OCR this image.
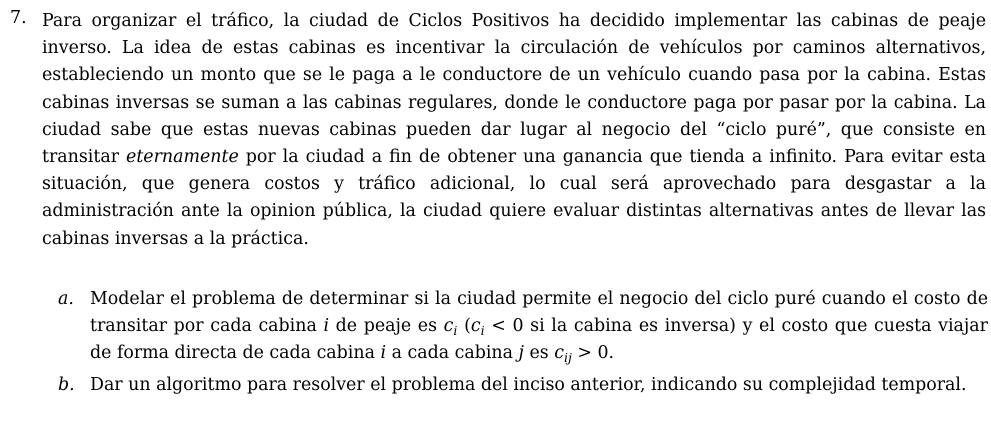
7. Para organizar el tráfico, la ciudad de Ciclos Positivos ha decidido implementar las cabinas de peaje inverso. La idea de estas cabinas es incentivar la circulación de vehículos por caminos alternativos, estableciendo un monto que se le paga a le conductore de un vehículo cuando pasa por la cabina. Estas cabinas inversas se suman a las cabinas regulares, donde le conductore paga por pasar por la cabina. La ciudad sabe que estas nuevas cabinas pueden dar lugar al negocio del “ciclo puré”, que consiste en transitar eternamente por la ciudad a fin de obtener una ganancia que tienda a infinito. Para evitar esta situación, que genera costos y tráfico adicional, lo cual será aprovechado para desgastar a la administración ante la opinion pública, la ciudad quiere evaluar distintas alternativas antes de llevar las cabinas inversas a la práctica.
a. Modelar el problema de determinar si la ciudad permite el negocio del ciclo puré cuando el costo de transitar por cada cabina i de peaje es $c_i$ ($c_i < 0$ si la cabina es inversa) y el costo que cuesta viajar de forma directa de cada cabina i a cada cabina j es $c_{ij} > 0$.
b. Dar un algoritmo para resolver el problema del inciso anterior, indicando su complejidad temporal.
